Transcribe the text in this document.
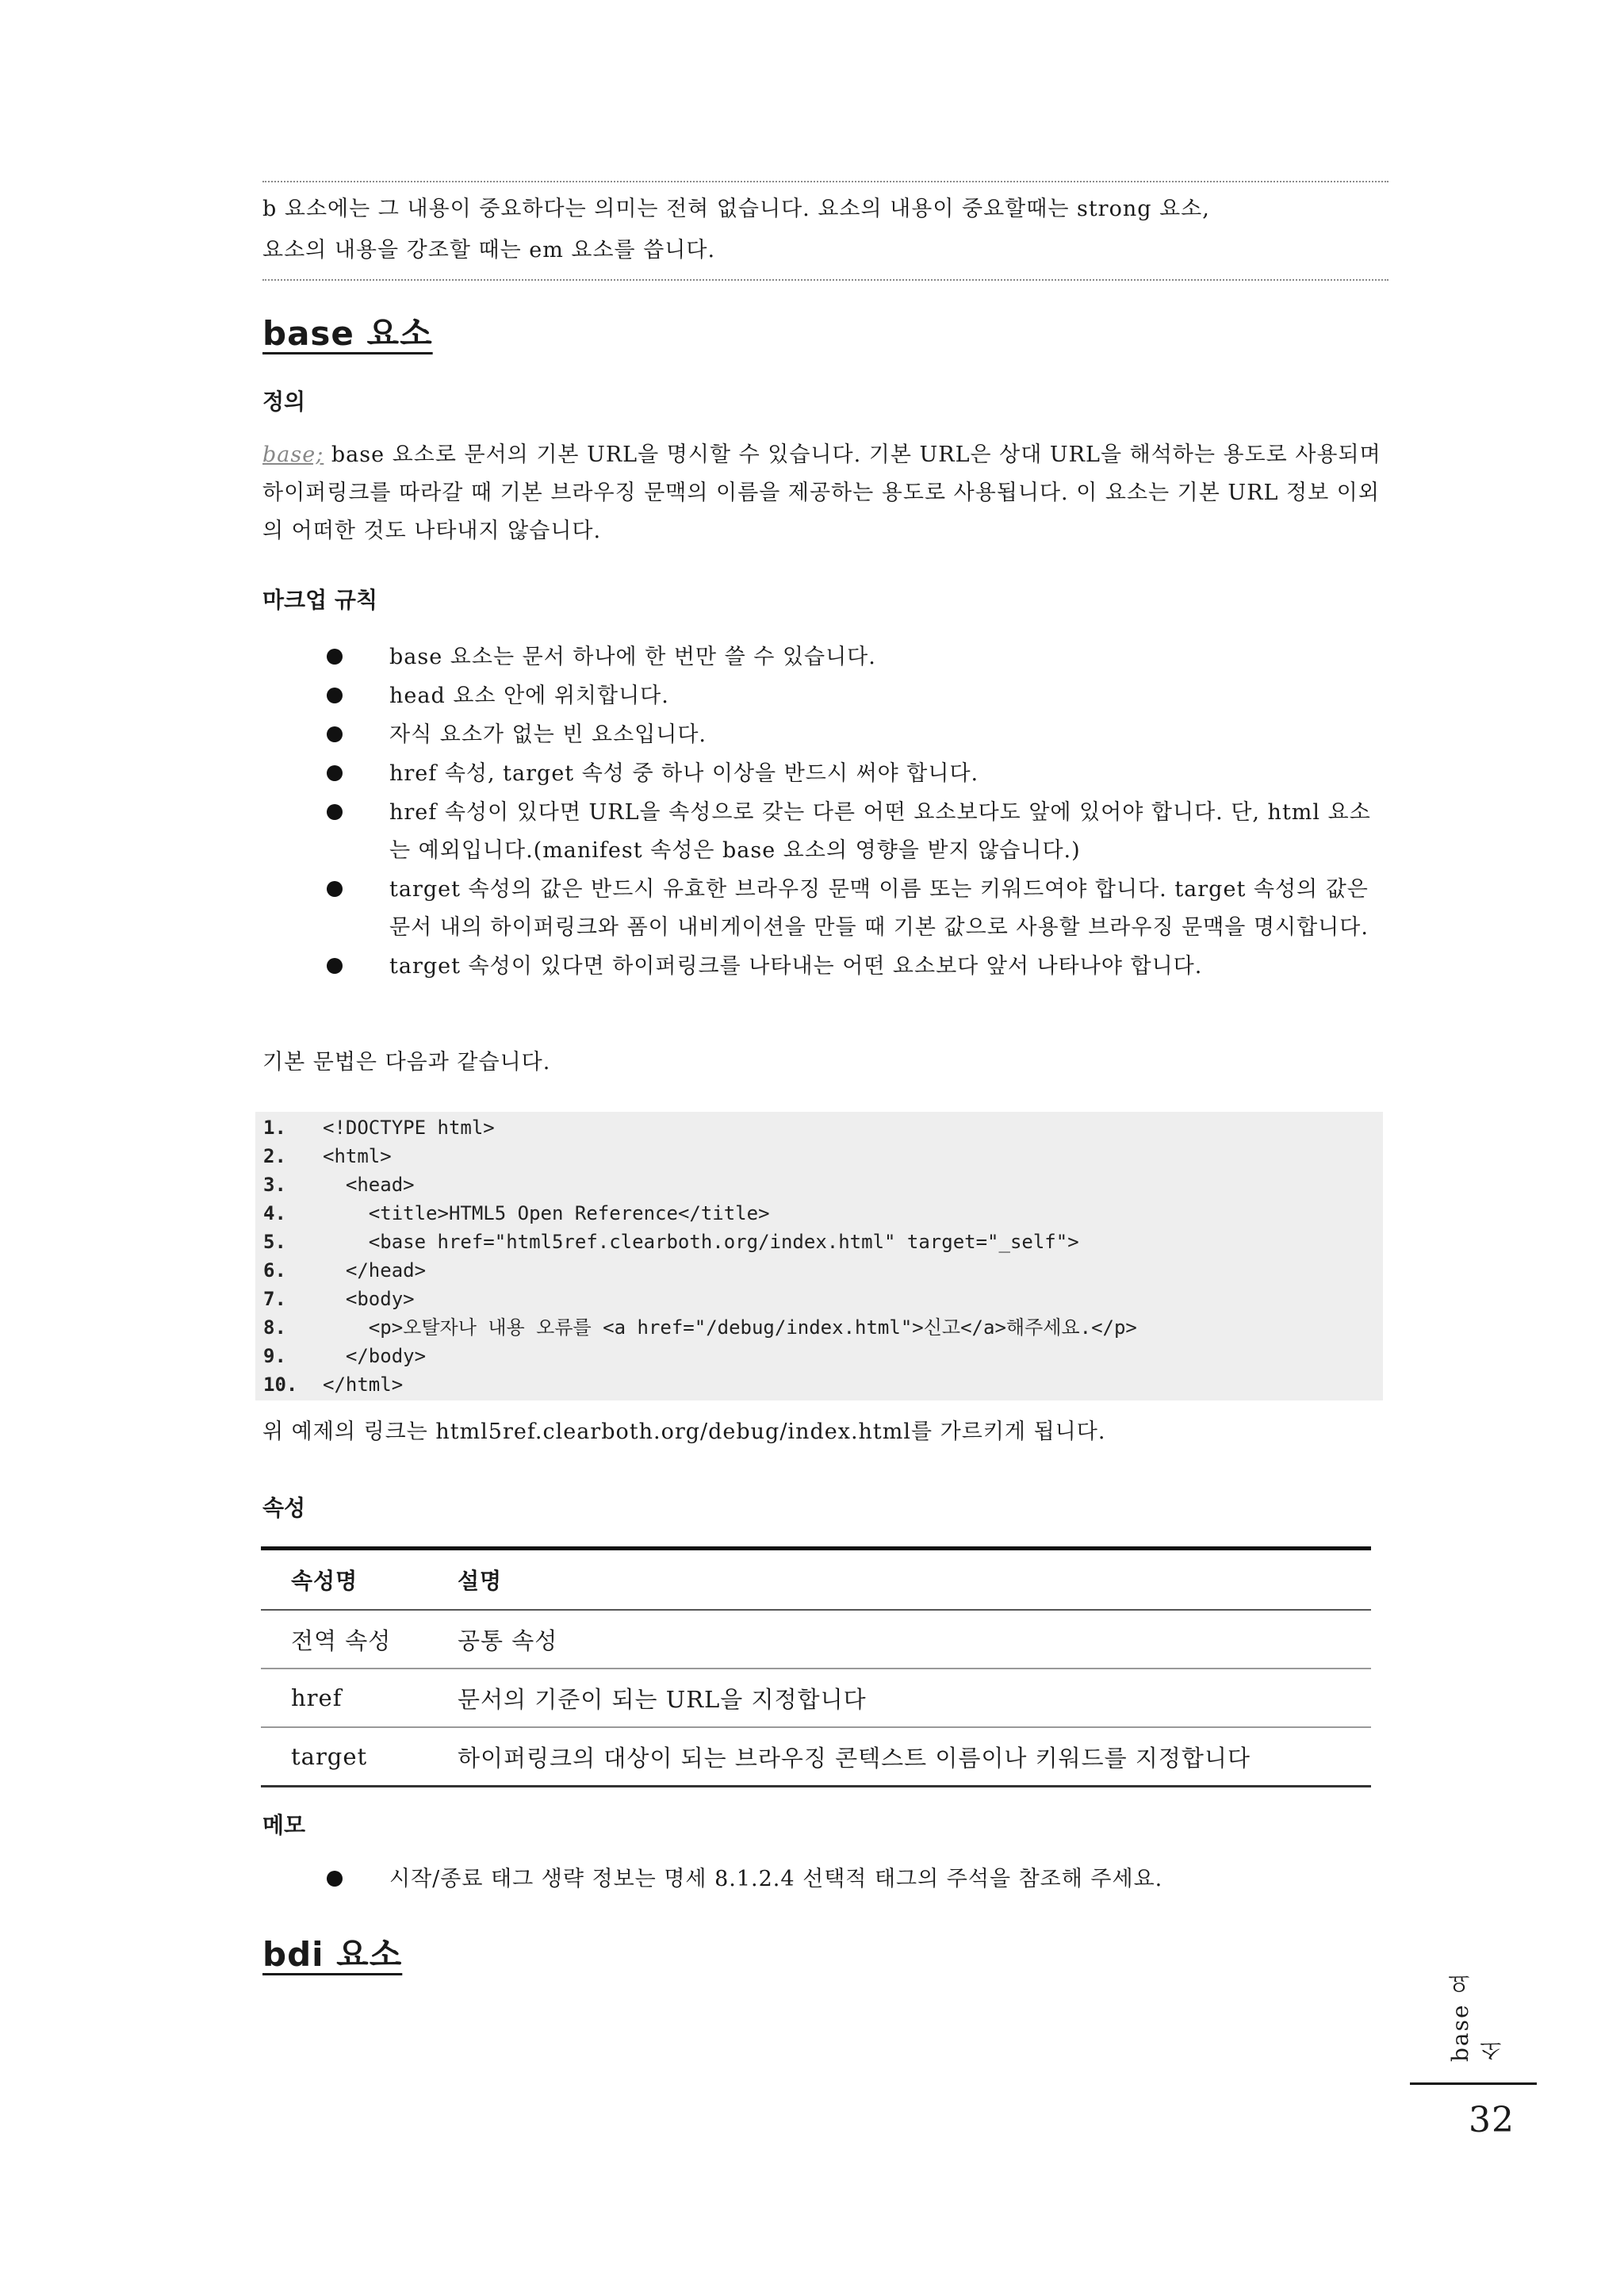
b 요소에는 그 내용이 중요하다는 의미는 전혀 없습니다. 요소의 내용이 중요할때는 strong 요소,
요소의 내용을 강조할 때는 em 요소를 씁니다.
base 요소
정의

base; base 요소로 문서의 기본 URL을 명시할 수 있습니다. 기본 URL은 상대 URL을 해석하는 용도로 사용되며 하이퍼링크를 따라갈 때 기본 브라우징 문맥의 이름을 제공하는 용도로 사용됩니다. 이 요소는 기본 URL 정보 이외의 어떠한 것도 나타내지 않습니다.

마크업 규칙
base 요소는 문서 하나에 한 번만 쓸 수 있습니다.
head 요소 안에 위치합니다.
자식 요소가 없는 빈 요소입니다.
href 속성, target 속성 중 하나 이상을 반드시 써야 합니다.
href 속성이 있다면 URL을 속성으로 갖는 다른 어떤 요소보다도 앞에 있어야 합니다. 단, html 요소는 예외입니다.(manifest 속성은 base 요소의 영향을 받지 않습니다.)
target 속성의 값은 반드시 유효한 브라우징 문맥 이름 또는 키워드여야 합니다. target 속성의 값은 문서 내의 하이퍼링크와 폼이 내비게이션을 만들 때 기본 값으로 사용할 브라우징 문맥을 명시합니다.
target 속성이 있다면 하이퍼링크를 나타내는 어떤 요소보다 앞서 나타나야 합니다.

기본 문법은 다음과 같습니다.

1. <!DOCTYPE html>
2. <html>
3.  <head>
4.    <title>HTML5 Open Reference</title>
5.    <base href="html5ref.clearboth.org/index.html" target="_self">
6.  </head>
7.  <body>
8.    <p>오탈자나 내용 오류를 <a href="/debug/index.html">신고</a>해주세요.</p>
9.  </body>
10. </html>

위 예제의 링크는 html5ref.clearboth.org/debug/index.html를 가르키게 됩니다.

속성
속성명	설명
전역 속성	공통 속성
href	문서의 기준이 되는 URL을 지정합니다
target	하이퍼링크의 대상이 되는 브라우징 콘텍스트 이름이나 키워드를 지정합니다
메모
시작/종료 태그 생략 정보는 명세 8.1.2.4 선택적 태그의 주석을 참조해 주세요.
bdi 요소
base 요소
32
